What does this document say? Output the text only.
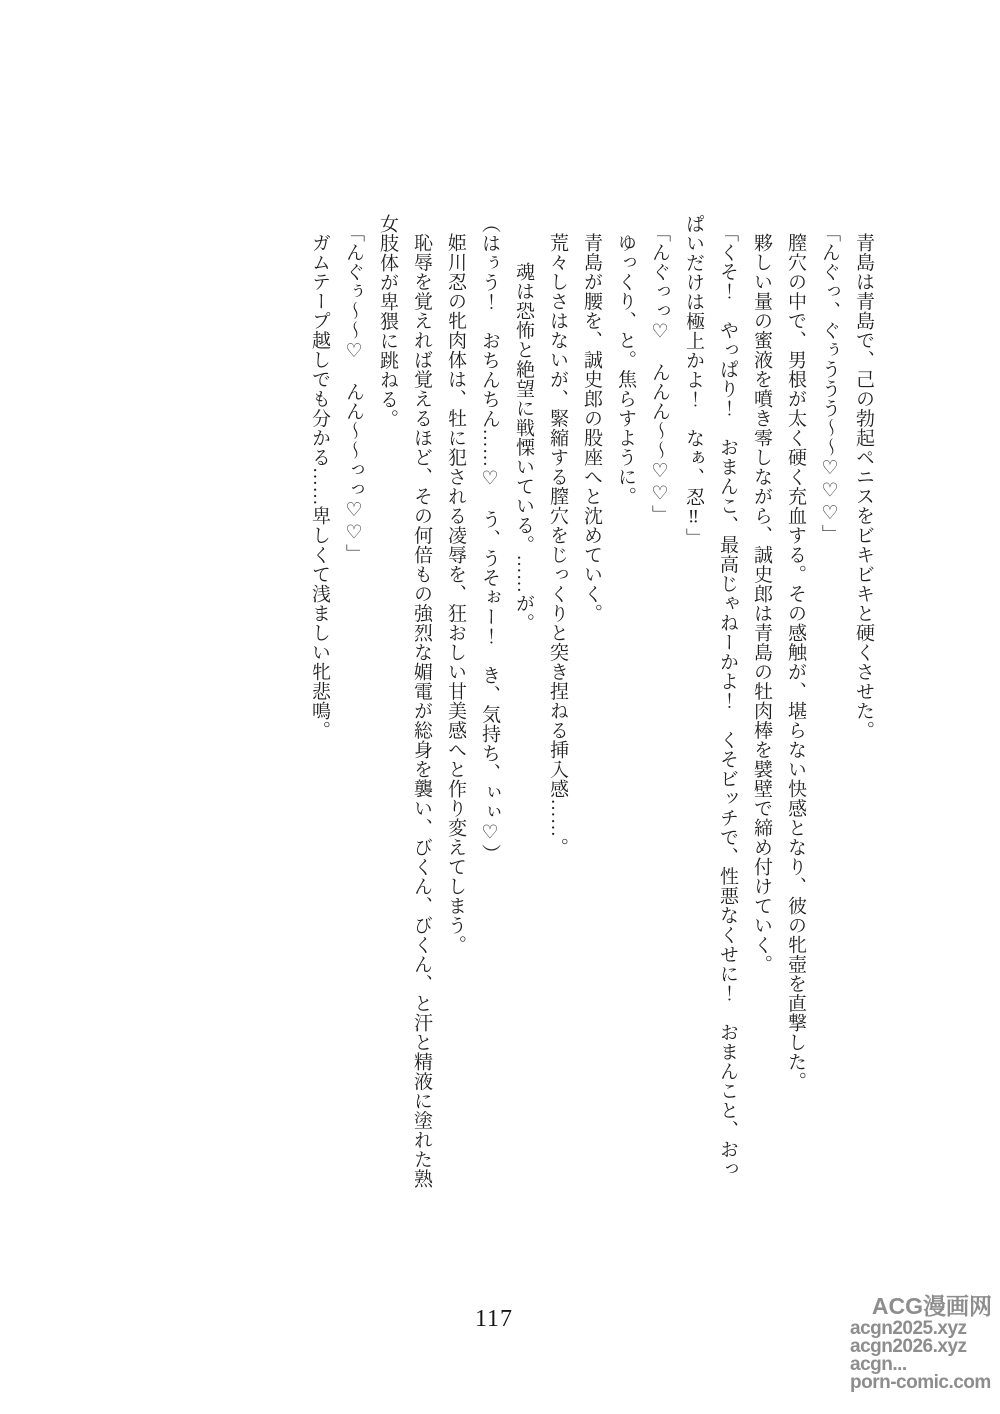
青島は青島で、己の勃起ペニスをビキビキと硬くさせた。

「んぐっ、ぐぅううう～～♡♡♡」

膣穴の中で、男根が太く硬く充血する。その感触が、堪らない快感となり、彼の牝壺を直撃した。

夥しい量の蜜液を噴き零しながら、誠史郎は青島の牡肉棒を襞壁で締め付けていく。

「くそ！　やっぱり！　おまんこ、最高じゃねーかよ！　くそビッチで、性悪なくせに！　おまんこと、おっぱいだけは極上かよ！　なぁ、忍‼」

「んぐっっ♡　んんん～～♡♡」

ゆっくり、と。焦らすように。

青島が腰を、誠史郎の股座へと沈めていく。

荒々しさはないが、緊縮する膣穴をじっくりと突き捏ねる挿入感……。

魂は恐怖と絶望に戦慄いている。……が。

（はぅう！　おちんちん……♡　う、うそぉー！　き、気持ち、ぃぃ♡）

姫川忍の牝肉体は、牡に犯される凌辱を、狂おしい甘美感へと作り変えてしまう。

恥辱を覚えれば覚えるほど、その何倍もの強烈な媚電が総身を襲い、びくん、びくん、と汗と精液に塗れた熟女肢体が卑猥に跳ねる。

「んぐぅ～～♡　んん～～っっ♡♡」

ガムテープ越しでも分かる……卑しくて浅ましい牝悲鳴。

117	ACG漫画网
acgn2025.xyz
acgn2026.xyz
acgn...
porn-comic.com
